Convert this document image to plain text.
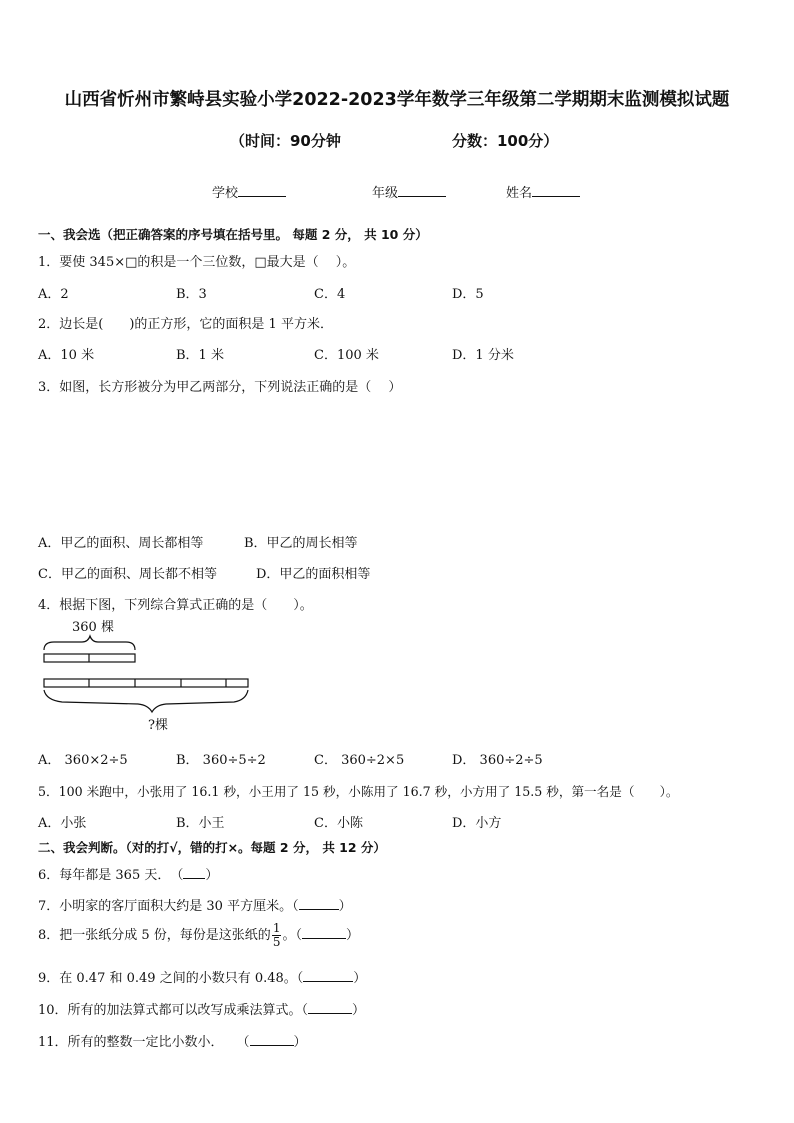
山西省忻州市繁峙县实验小学2022-2023学年数学三年级第二学期期末监测模拟试题
（时间：90分钟	分数：100分）
学校	年级	姓名
一、我会选（把正确答案的序号填在括号里。 每题 2 分， 共 10 分）
1．要使 345×□的积是一个三位数，□最大是（　 ）。
A．2	B．3	C．4	D．5
2．边长是(　　)的正方形，它的面积是 1 平方米．
A．10 米	B．1 米	C．100 米	D．1 分米
3．如图，长方形被分为甲乙两部分，下列说法正确的是（　 ）
A．甲乙的面积、周长都相等	B．甲乙的周长相等
C．甲乙的面积、周长都不相等	D．甲乙的面积相等
4．根据下图，下列综合算式正确的是（　　）。
360 棵
?棵
A． 360×2÷5	B． 360÷5÷2	C． 360÷2×5	D． 360÷2÷5
5．100 米跑中，小张用了 16.1 秒，小王用了 15 秒，小陈用了 16.7 秒，小方用了 15.5 秒，第一名是（　　）。
A．小张	B．小王	C．小陈	D．小方
二、我会判断。（对的打√，错的打×。每题 2 分， 共 12 分）
6．每年都是 365 天．　（ ）
7．小明家的客厅面积大约是 30 平方厘米。（	）
8．把一张纸分成 5 份，每份是这张纸的 $\frac{1}{5}$ 。（	）
9．在 0.47 和 0.49 之间的小数只有 0.48。（	）
10．所有的加法算式都可以改写成乘法算式。（	）
11．所有的整数一定比小数小．　　（	）
